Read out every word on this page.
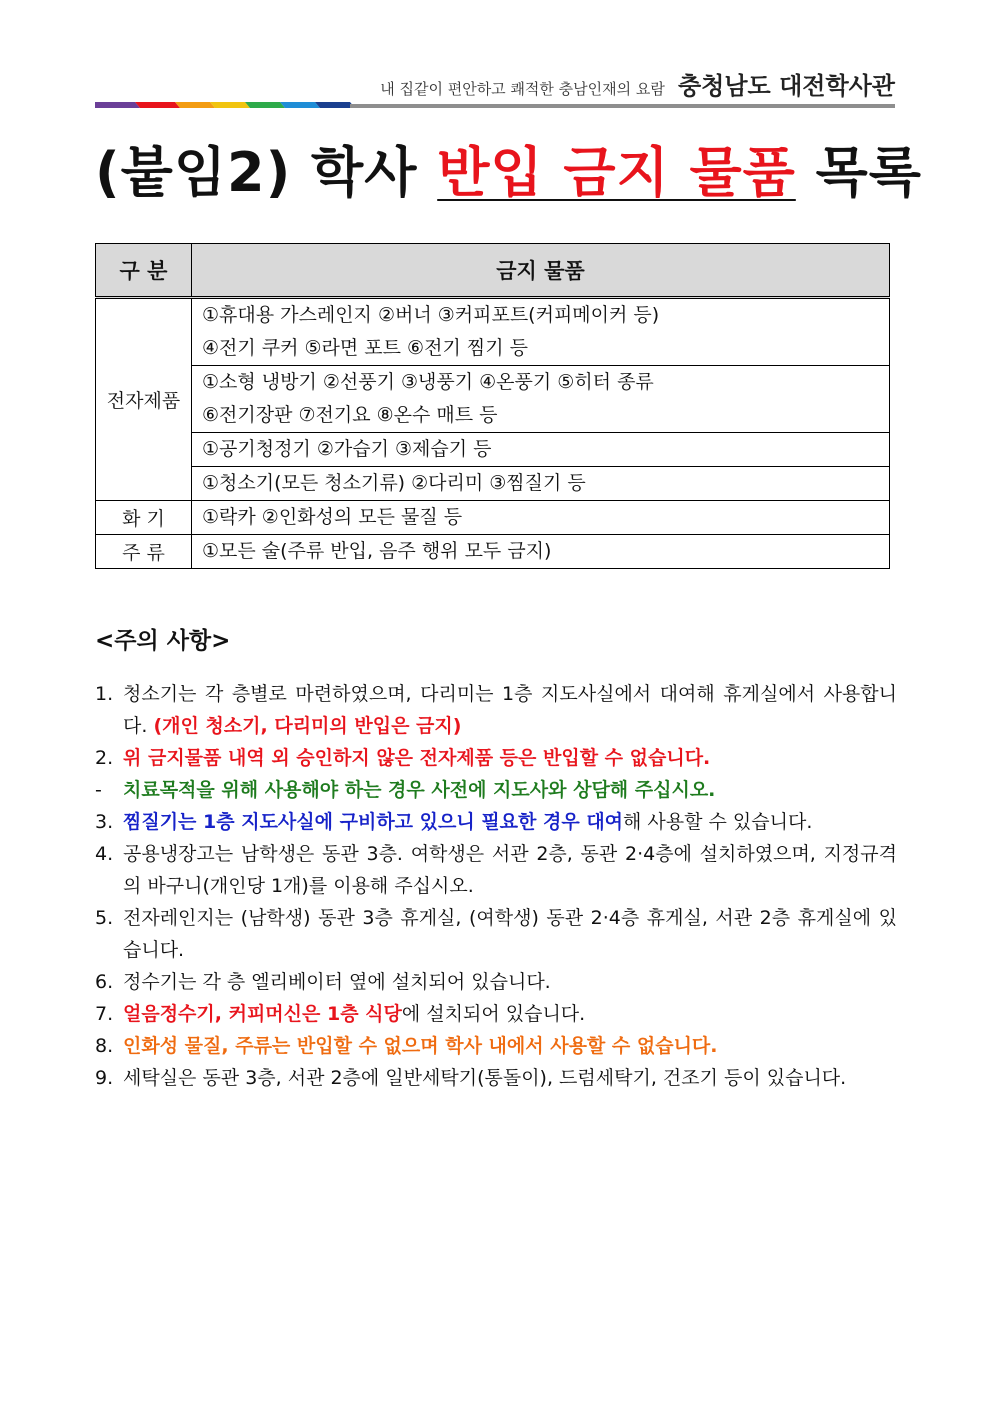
내 집같이 편안하고 쾌적한 충남인재의 요람 충청남도 대전학사관
(붙임2) 학사 반입 금지 물품 목록
구 분	금지 물품
전자제품	①휴대용 가스레인지 ②버너 ③커피포트(커피메이커 등)
④전기 쿠커 ⑤라면 포트 ⑥전기 찜기 등

	①소형 냉방기 ②선풍기 ③냉풍기 ④온풍기 ⑤히터 종류
⑥전기장판 ⑦전기요 ⑧온수 매트 등

	①공기청정기 ②가습기 ③제습기 등
	①청소기(모든 청소기류) ②다리미 ③찜질기 등
화 기	①락카 ②인화성의 모든 물질 등
주 류	①모든 술(주류 반입, 음주 행위 모두 금지)
<주의 사항>
1. 청소기는 각 층별로 마련하였으며, 다리미는 1층 지도사실에서 대여해 휴게실에서 사용합니다. (개인 청소기, 다리미의 반입은 금지)
2. 위 금지물품 내역 외 승인하지 않은 전자제품 등은 반입할 수 없습니다.
-	치료목적을 위해 사용해야 하는 경우 사전에 지도사와 상담해 주십시오.
3. 찜질기는 1층 지도사실에 구비하고 있으니 필요한 경우 대여해 사용할 수 있습니다.
4. 공용냉장고는 남학생은 동관 3층. 여학생은 서관 2층, 동관 2·4층에 설치하였으며, 지정규격의 바구니(개인당 1개)를 이용해 주십시오.
5. 전자레인지는 (남학생) 동관 3층 휴게실, (여학생) 동관 2·4층 휴게실, 서관 2층 휴게실에 있습니다.
6. 정수기는 각 층 엘리베이터 옆에 설치되어 있습니다.
7. 얼음정수기, 커피머신은 1층 식당에 설치되어 있습니다.
8. 인화성 물질, 주류는 반입할 수 없으며 학사 내에서 사용할 수 없습니다.
9. 세탁실은 동관 3층, 서관 2층에 일반세탁기(통돌이), 드럼세탁기, 건조기 등이 있습니다.
